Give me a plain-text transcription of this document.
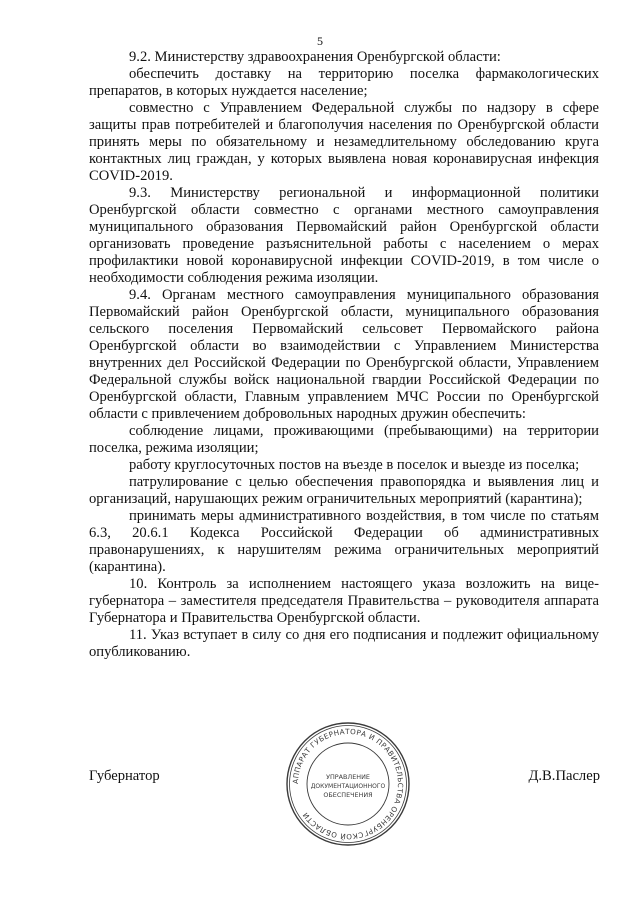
5

9.2. Министерству здравоохранения Оренбургской области:

обеспечить доставку на территорию поселка фармакологических препаратов, в которых нуждается население;

совместно с Управлением Федеральной службы по надзору в сфере защиты прав потребителей и благополучия населения по Оренбургской области принять меры по обязательному и незамедлительному обследованию круга контактных лиц граждан, у которых выявлена новая коронавирусная инфекция COVID-2019.

9.3. Министерству региональной и информационной политики Оренбургской области совместно с органами местного самоуправления муниципального образования Первомайский район Оренбургской области организовать проведение разъяснительной работы с населением о мерах профилактики новой коронавирусной инфекции COVID-2019, в том числе о необходимости соблюдения режима изоляции.

9.4. Органам местного самоуправления муниципального образования Первомайский район Оренбургской области, муниципального образования сельского поселения Первомайский сельсовет Первомайского района Оренбургской области во взаимодействии с Управлением Министерства внутренних дел Российской Федерации по Оренбургской области, Управлением Федеральной службы войск национальной гвардии Российской Федерации по Оренбургской области, Главным управлением МЧС России по Оренбургской области с привлечением добровольных народных дружин обеспечить:

соблюдение лицами, проживающими (пребывающими) на территории поселка, режима изоляции;

работу круглосуточных постов на въезде в поселок и выезде из поселка;

патрулирование с целью обеспечения правопорядка и выявления лиц и организаций, нарушающих режим ограничительных мероприятий (карантина);

принимать меры административного воздействия, в том числе по статьям 6.3, 20.6.1 Кодекса Российской Федерации об административных правонарушениях, к нарушителям режима ограничительных мероприятий (карантина).

10. Контроль за исполнением настоящего указа возложить на вице-губернатора – заместителя председателя Правительства – руководителя аппарата Губернатора и Правительства Оренбургской области.

11. Указ вступает в силу со дня его подписания и подлежит официальному опубликованию.

Губернатор	Д.В.Паслер
АППАРАТ ГУБЕРНАТОРА И ПРАВИТЕЛЬСТВА ОРЕНБУРГСКОЙ ОБЛАСТИ
УПРАВЛЕНИЕ
ДОКУМЕНТАЦИОННОГО
ОБЕСПЕЧЕНИЯ
